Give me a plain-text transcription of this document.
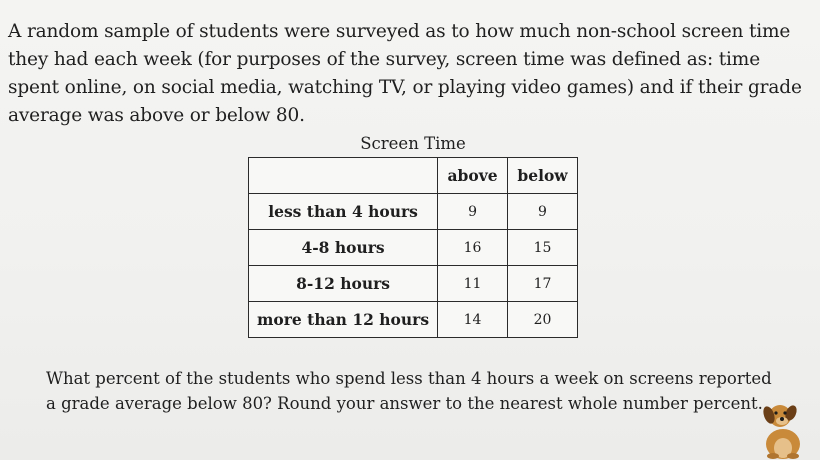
A random sample of students were surveyed as to how much non-school screen time they had each week (for purposes of the survey, screen time was defined as: time spent online, on social media, watching TV, or playing video games) and if their grade average was above or below 80.

Screen Time

	above	below
less than 4 hours	9	9
4-8 hours	16	15
8-12 hours	11	17
more than 12 hours	14	20

What percent of the students who spend less than 4 hours a week on screens reported a grade average below 80? Round your answer to the nearest whole number percent.
